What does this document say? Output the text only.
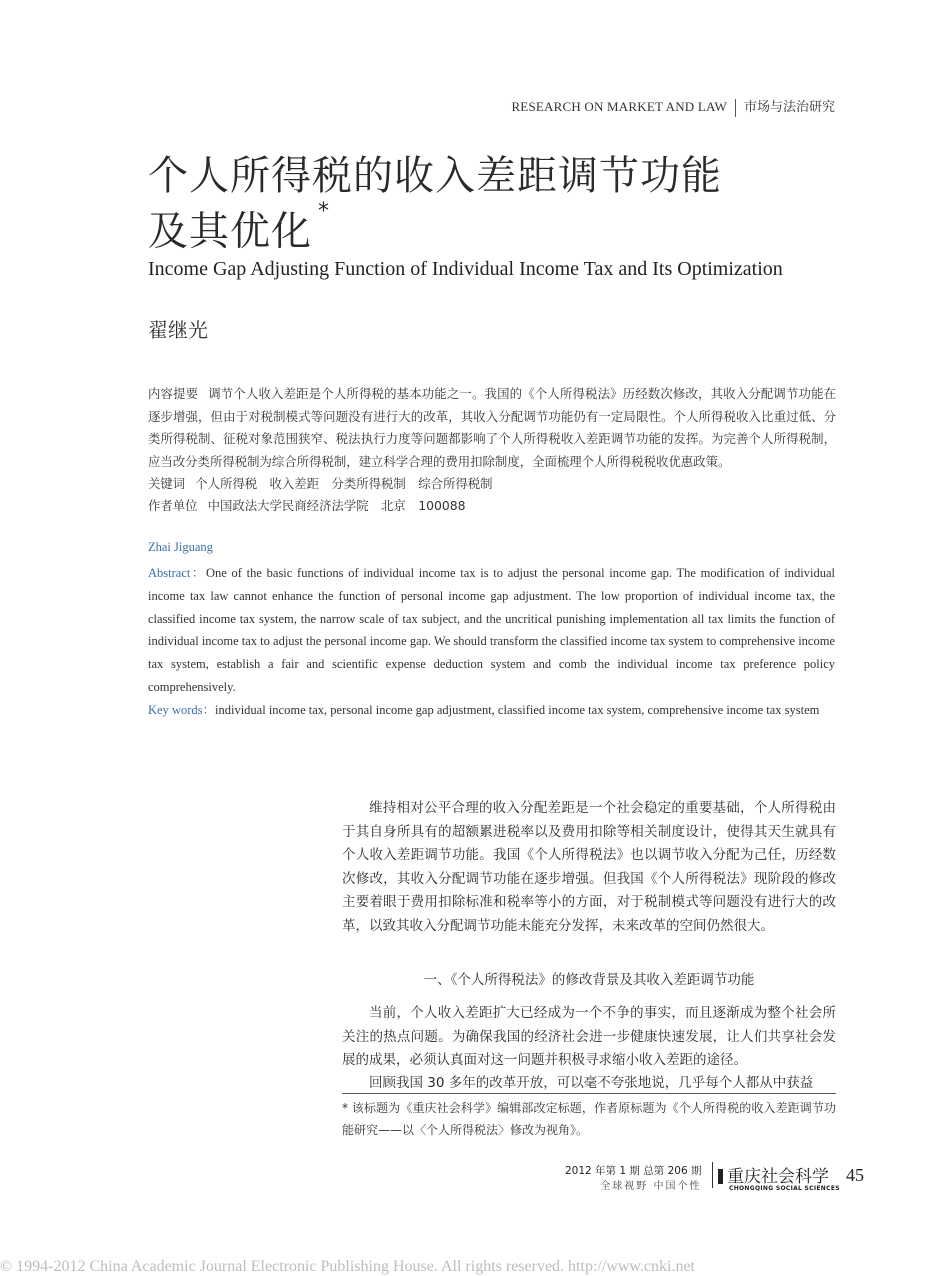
RESEARCH ON MARKET AND LAW 市场与法治研究
个人所得税的收入差距调节功能
及其优化 *
Income Gap Adjusting Function of Individual Income Tax and Its Optimization
翟继光
内容提要 调节个人收入差距是个人所得税的基本功能之一。我国的《个人所得税法》历经数次修改，其收入分配调节功能在逐步增强，但由于对税制模式等问题没有进行大的改革，其收入分配调节功能仍有一定局限性。个人所得税收入比重过低、分类所得税制、征税对象范围狭窄、税法执行力度等问题都影响了个人所得税收入差距调节功能的发挥。为完善个人所得税制，应当改分类所得税制为综合所得税制，建立科学合理的费用扣除制度，全面梳理个人所得税税收优惠政策。
关键词 个人所得税　收入差距　分类所得税制　综合所得税制
作者单位 中国政法大学民商经济法学院　北京　100088
Zhai Jiguang
Abstract：One of the basic functions of individual income tax is to adjust the personal income gap. The modification of individual income tax law cannot enhance the function of personal income gap adjustment. The low proportion of individual income tax, the classified income tax system, the narrow scale of tax subject, and the uncritical punishing implementation all tax limits the function of individual income tax to adjust the personal income gap. We should transform the classified income tax system to comprehensive income tax system, establish a fair and scientific expense deduction system and comb the individual income tax preference policy comprehensively.
Key words：individual income tax, personal income gap adjustment, classified income tax system, comprehensive income tax system

维持相对公平合理的收入分配差距是一个社会稳定的重要基础，个人所得税由于其自身所具有的超额累进税率以及费用扣除等相关制度设计，使得其天生就具有个人收入差距调节功能。我国《个人所得税法》也以调节收入分配为己任，历经数次修改，其收入分配调节功能在逐步增强。但我国《个人所得税法》现阶段的修改主要着眼于费用扣除标准和税率等小的方面，对于税制模式等问题没有进行大的改革，以致其收入分配调节功能未能充分发挥，未来改革的空间仍然很大。

一、《个人所得税法》的修改背景及其收入差距调节功能

当前，个人收入差距扩大已经成为一个不争的事实，而且逐渐成为整个社会所关注的热点问题。为确保我国的经济社会进一步健康快速发展，让人们共享社会发展的成果，必须认真面对这一问题并积极寻求缩小收入差距的途径。

回顾我国 30 多年的改革开放，可以毫不夸张地说，几乎每个人都从中获益

* 该标题为《重庆社会科学》编辑部改定标题，作者原标题为《个人所得税的收入差距调节功能研究——以〈个人所得税法〉修改为视角》。
2012 年第 1 期 总第 206 期
全球视野 中国个性	重庆社会科学
CHONGQING SOCIAL SCIENCES
45
© 1994-2012 China Academic Journal Electronic Publishing House. All rights reserved. http://www.cnki.net
